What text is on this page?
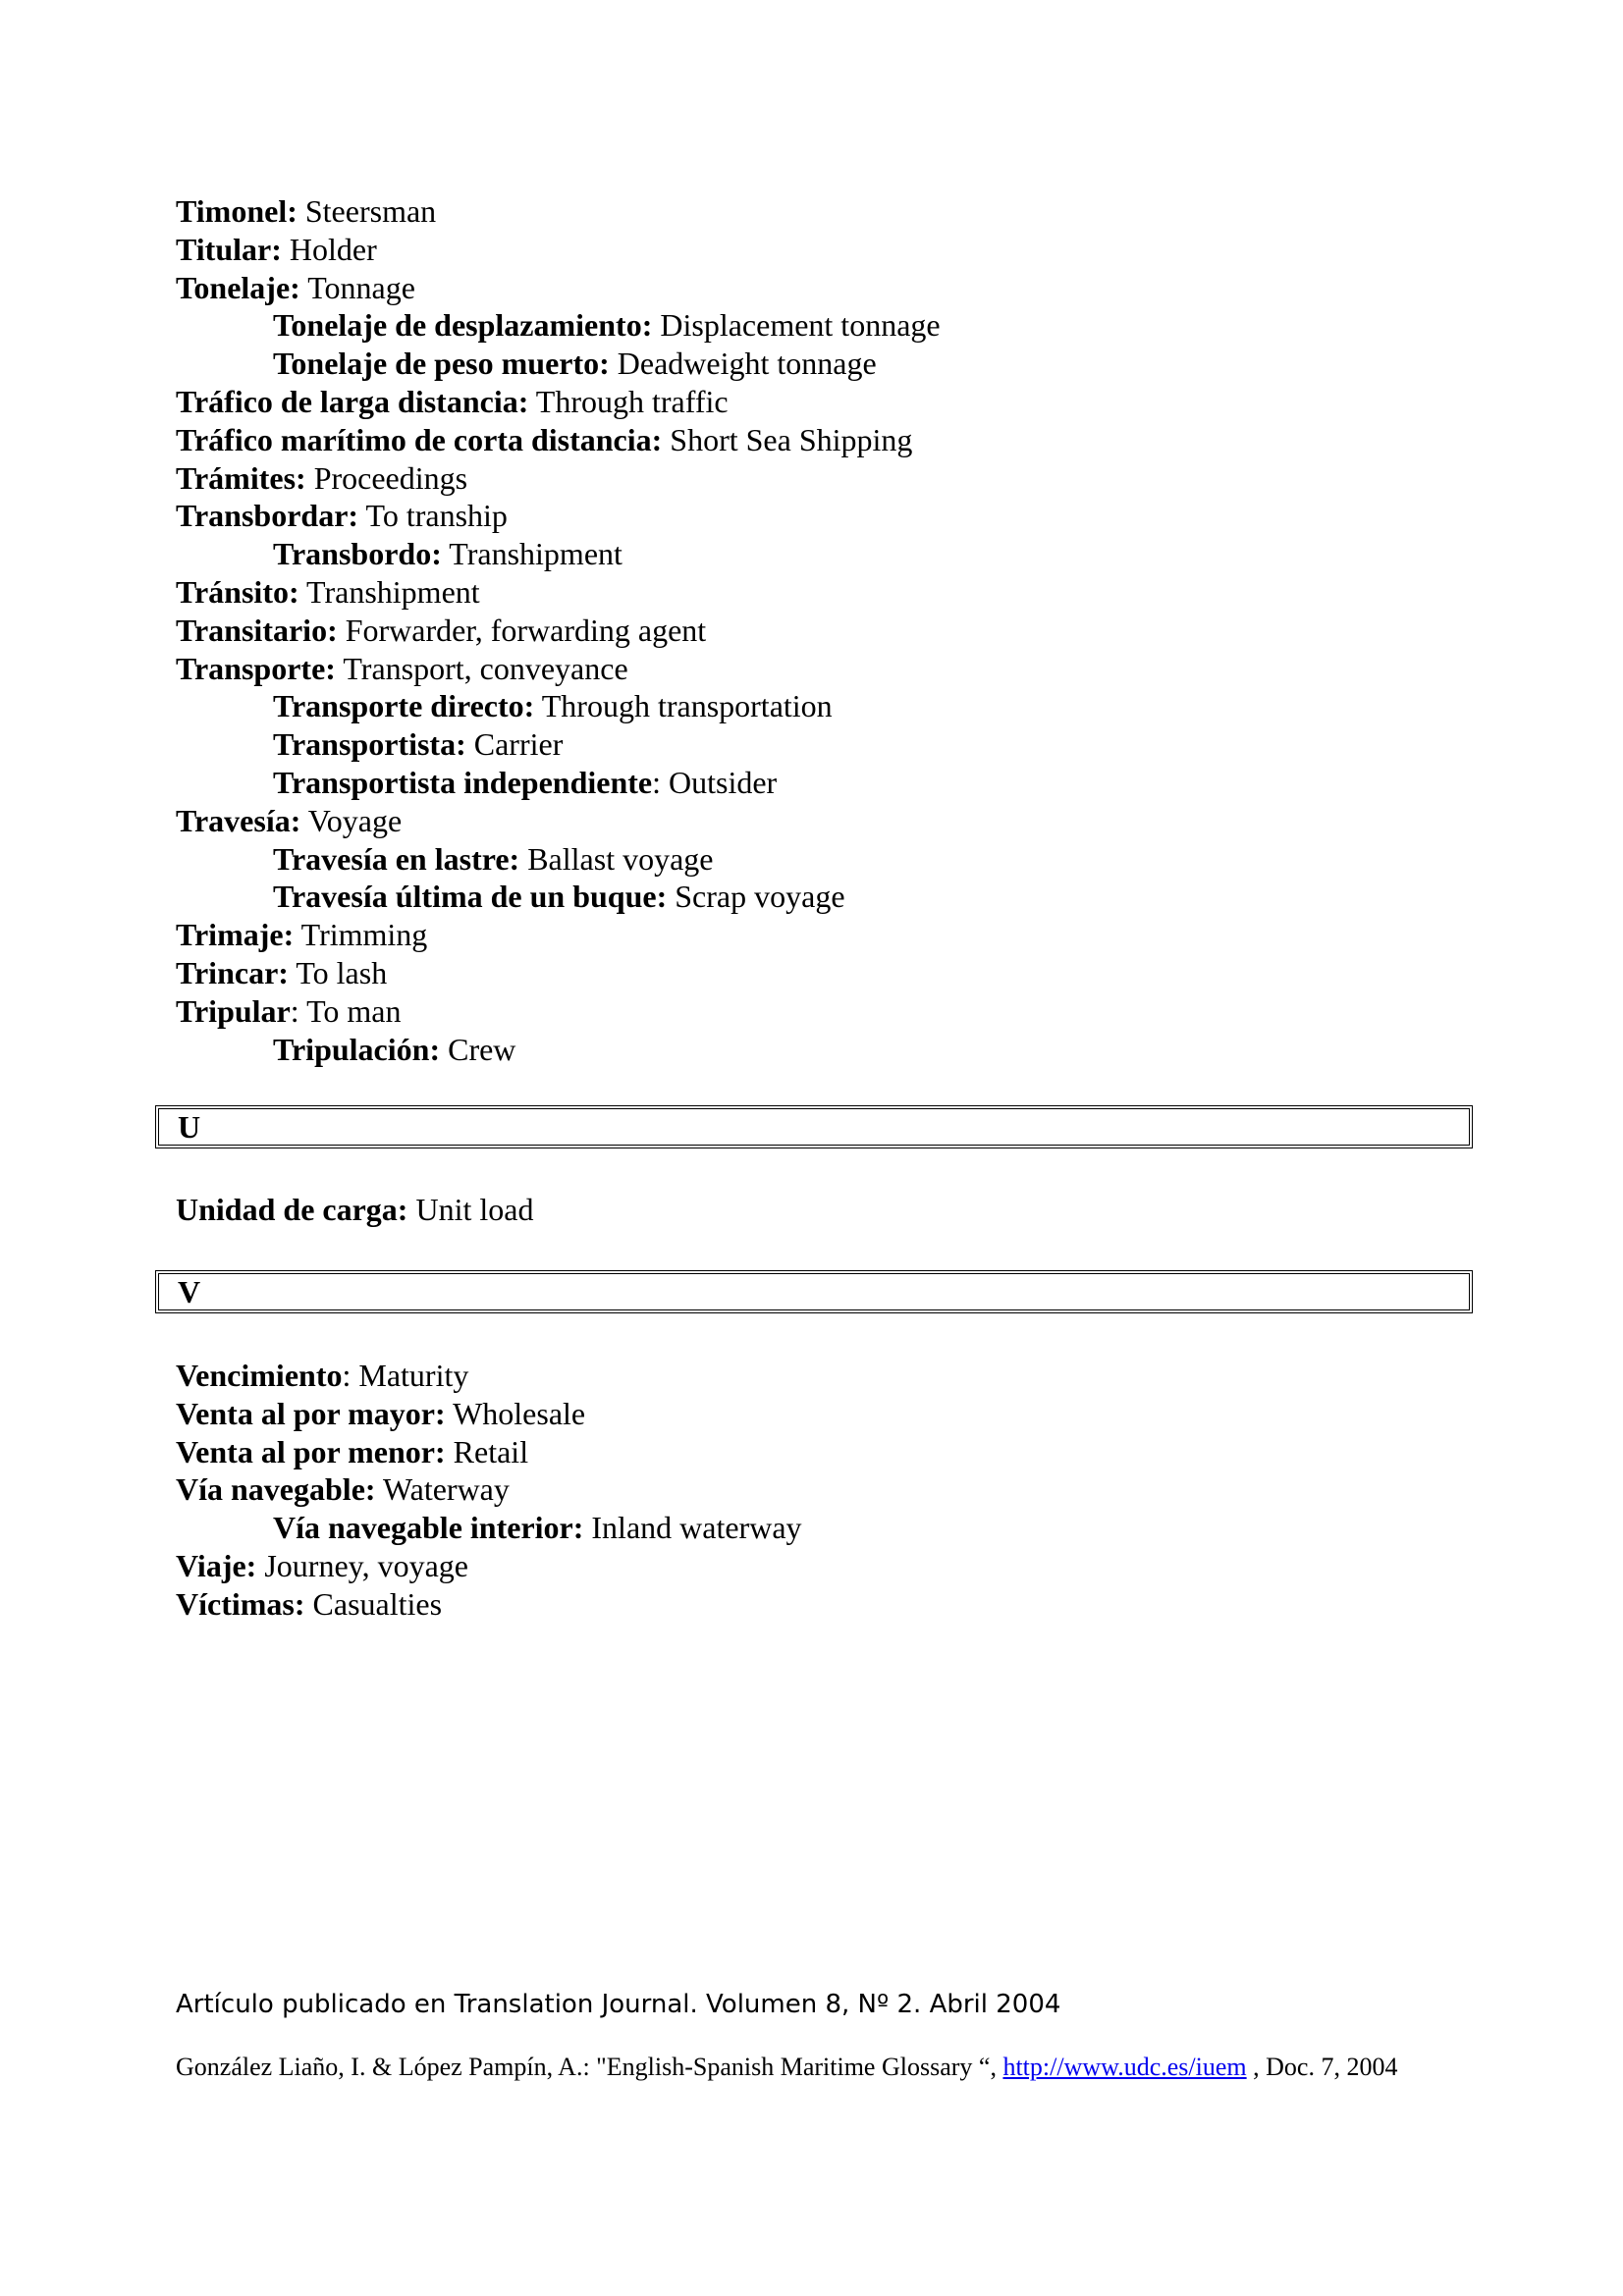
Timonel: Steersman
Titular: Holder
Tonelaje: Tonnage
Tonelaje de desplazamiento: Displacement tonnage
Tonelaje de peso muerto: Deadweight tonnage
Tráfico de larga distancia: Through traffic
Tráfico marítimo de corta distancia: Short Sea Shipping
Trámites: Proceedings
Transbordar: To tranship
Transbordo: Transhipment
Tránsito: Transhipment
Transitario: Forwarder, forwarding agent
Transporte: Transport, conveyance
Transporte directo: Through transportation
Transportista: Carrier
Transportista independiente: Outsider
Travesía: Voyage
Travesía en lastre: Ballast voyage
Travesía última de un buque: Scrap voyage
Trimaje: Trimming
Trincar: To lash
Tripular: To man
Tripulación: Crew
U
Unidad de carga: Unit load
V
Vencimiento: Maturity
Venta al por mayor: Wholesale
Venta al por menor: Retail
Vía navegable: Waterway
Vía navegable interior: Inland waterway
Viaje: Journey, voyage
Víctimas: Casualties
Artículo publicado en Translation Journal. Volumen 8, Nº 2. Abril 2004
González Liaño, I. & López Pampín, A.: "English-Spanish Maritime Glossary “, http://www.udc.es/iuem , Doc. 7, 2004
